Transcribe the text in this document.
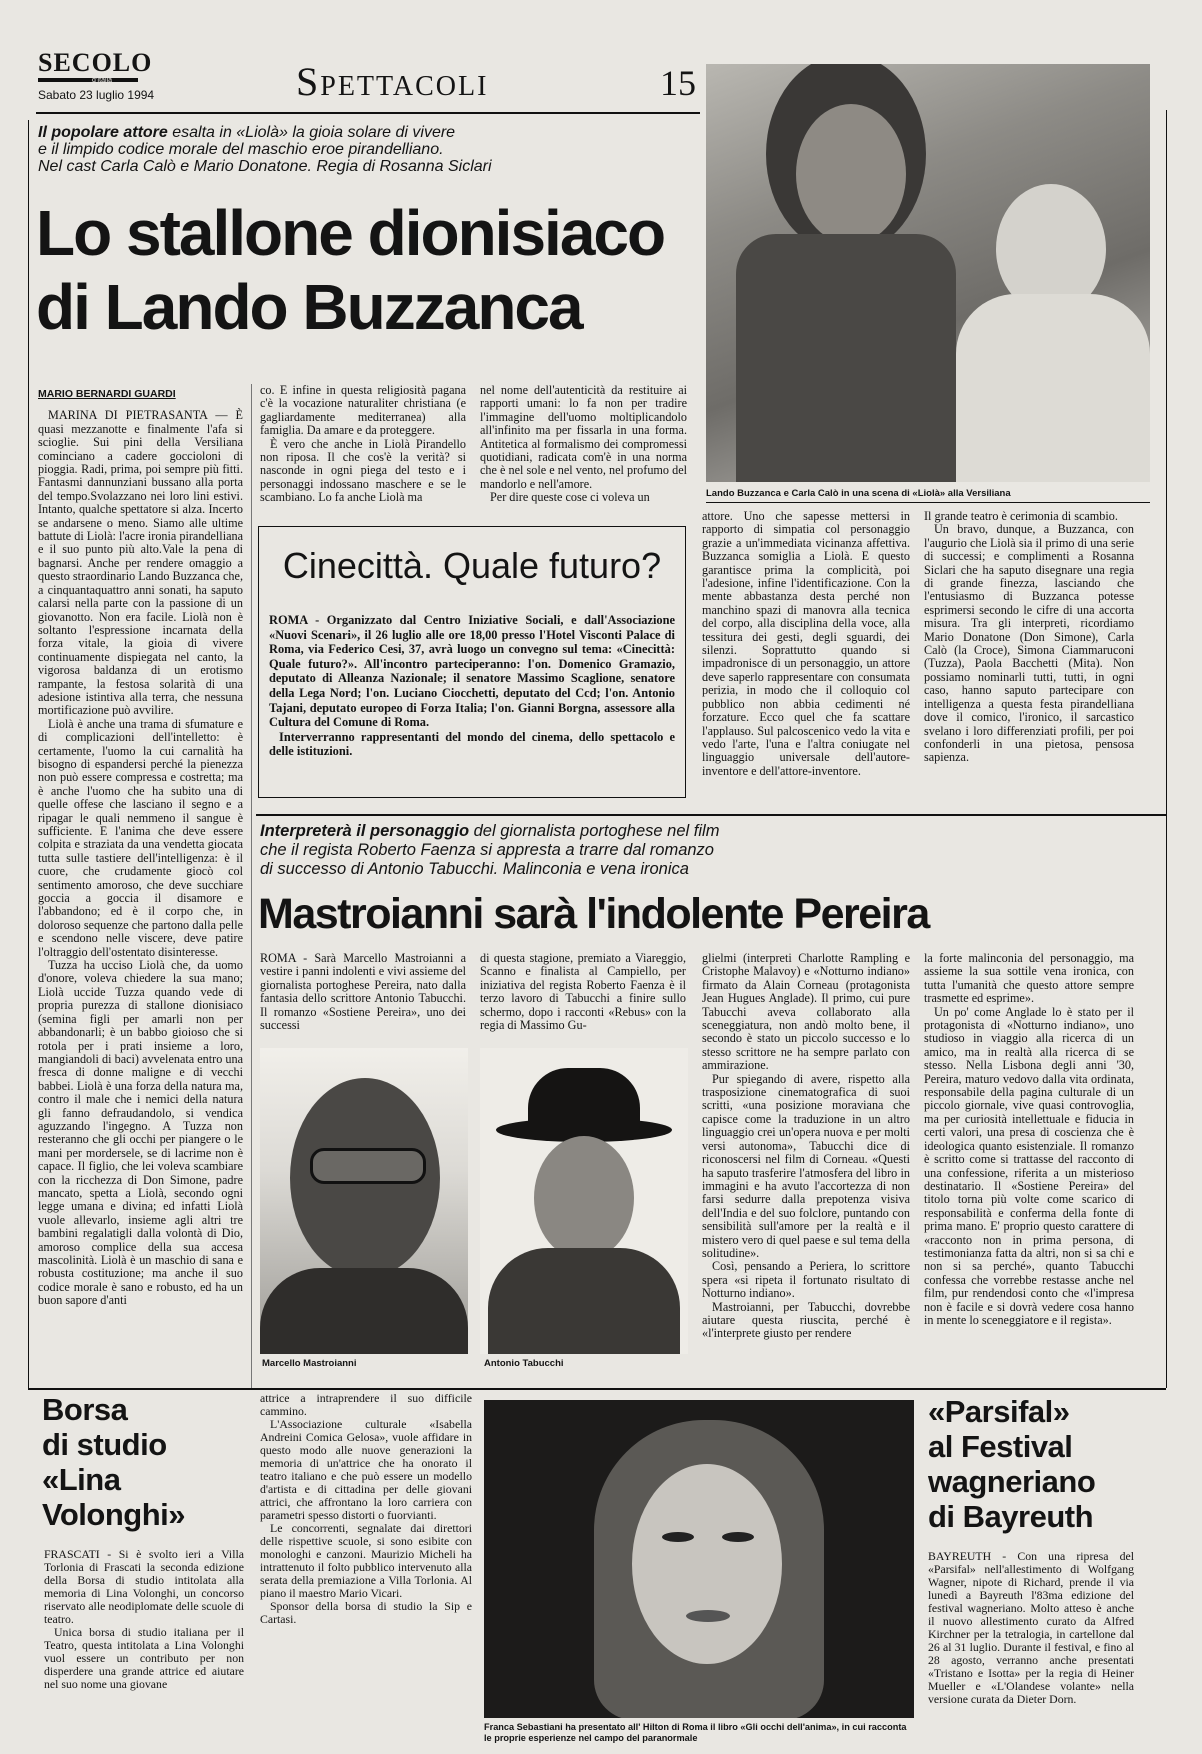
SECOLO
d'Italia
Sabato 23 luglio 1994	Spettacoli	15
Il popolare attore esalta in «Liolà» la gioia solare di vivere
e il limpido codice morale del maschio eroe pirandelliano.
Nel cast Carla Calò e Mario Donatone. Regia di Rosanna Siclari
Lo stallone dionisiaco
di Lando Buzzanca
Lando Buzzanca e Carla Calò in una scena di «Liolà» alla Versiliana

MARIO BERNARDI GUARDI

MARINA DI PIETRASANTA — È quasi mezzanotte e finalmente l'afa si scioglie. Sui pini della Versiliana cominciano a cadere goccioloni di pioggia. Radi, prima, poi sempre più fitti. Fantasmi dannunziani bussano alla porta del tempo.Svolazzano nei loro lini estivi. Intanto, qualche spettatore si alza. Incerto se andarsene o meno. Siamo alle ultime battute di Liolà: l'acre ironia pirandelliana e il suo punto più alto.Vale la pena di bagnarsi. Anche per rendere omaggio a questo straordinario Lando Buzzanca che, a cinquantaquattro anni sonati, ha saputo calarsi nella parte con la passione di un giovanotto. Non era facile. Liolà non è soltanto l'espressione incarnata della forza vitale, la gioia di vivere continuamente dispiegata nel canto, la vigorosa baldanza di un erotismo rampante, la festosa solarità di una adesione istintiva alla terra, che nessuna mortificazione può avvilire.

Liolà è anche una trama di sfumature e di complicazioni dell'intelletto: è certamente, l'uomo la cui carnalità ha bisogno di espandersi perché la pienezza non può essere compressa e costretta; ma è anche l'uomo che ha subito una di quelle offese che lasciano il segno e a ripagar le quali nemmeno il sangue è sufficiente. E l'anima che deve essere colpita e straziata da una vendetta giocata tutta sulle tastiere dell'intelligenza: è il cuore, che crudamente giocò col sentimento amoroso, che deve succhiare goccia a goccia il disamore e l'abbandono; ed è il corpo che, in doloroso sequenze che partono dalla pelle e scendono nelle viscere, deve patire l'oltraggio dell'ostentato disinteresse.

Tuzza ha ucciso Liolà che, da uomo d'onore, voleva chiedere la sua mano; Liolà uccide Tuzza quando vede di propria purezza di stallone dionisiaco (semina figli per amarli non per abbandonarli; è un babbo gioioso che si rotola per i prati insieme a loro, mangiandoli di baci) avvelenata entro una fresca di donne maligne e di vecchi babbei. Liolà è una forza della natura ma, contro il male che i nemici della natura gli fanno defraudandolo, si vendica aguzzando l'ingegno. A Tuzza non resteranno che gli occhi per piangere o le mani per mordersele, se di lacrime non è capace. Il figlio, che lei voleva scambiare con la ricchezza di Don Simone, padre mancato, spetta a Liolà, secondo ogni legge umana e divina; ed infatti Liolà vuole allevarlo, insieme agli altri tre bambini regalatigli dalla volontà di Dio, amoroso complice della sua accesa mascolinità. Liolà è un maschio di sana e robusta costituzione; ma anche il suo codice morale è sano e robusto, ed ha un buon sapore d'anti

co. E infine in questa religiosità pagana c'è la vocazione naturaliter christiana (e gagliardamente mediterranea) alla famiglia. Da amare e da proteggere.

È vero che anche in Liolà Pirandello non riposa. Il che cos'è la verità? si nasconde in ogni piega del testo e i personaggi indossano maschere e se le scambiano. Lo fa anche Liolà ma

nel nome dell'autenticità da restituire ai rapporti umani: lo fa non per tradire l'immagine dell'uomo moltiplicandolo all'infinito ma per fissarla in una forma. Antitetica al formalismo dei compromessi quotidiani, radicata com'è in una norma che è nel sole e nel vento, nel profumo del mandorlo e nell'amore.

Per dire queste cose ci voleva un

attore. Uno che sapesse mettersi in rapporto di simpatia col personaggio grazie a un'immediata vicinanza affettiva. Buzzanca somiglia a Liolà. E questo garantisce prima la complicità, poi l'adesione, infine l'identificazione. Con la mente abbastanza desta perché non manchino spazi di manovra alla tecnica del corpo, alla disciplina della voce, alla tessitura dei gesti, degli sguardi, dei silenzi. Soprattutto quando si impadronisce di un personaggio, un attore deve saperlo rappresentare con consumata perizia, in modo che il colloquio col pubblico non abbia cedimenti né forzature. Ecco quel che fa scattare l'applauso. Sul palcoscenico vedo la vita e vedo l'arte, l'una e l'altra coniugate nel linguaggio universale dell'autore-inventore e dell'attore-inventore.

Il grande teatro è cerimonia di scambio.

Un bravo, dunque, a Buzzanca, con l'augurio che Liolà sia il primo di una serie di successi; e complimenti a Rosanna Siclari che ha saputo disegnare una regia di grande finezza, lasciando che l'entusiasmo di Buzzanca potesse esprimersi secondo le cifre di una accorta misura. Tra gli interpreti, ricordiamo Mario Donatone (Don Simone), Carla Calò (la Croce), Simona Ciammaruconi (Tuzza), Paola Bacchetti (Mita). Non possiamo nominarli tutti, tutti, in ogni caso, hanno saputo partecipare con intelligenza a questa festa pirandelliana dove il comico, l'ironico, il sarcastico svelano i loro differenziati profili, per poi confonderli in una pietosa, pensosa sapienza.

Cinecittà. Quale futuro?

ROMA - Organizzato dal Centro Iniziative Sociali, e dall'Associazione «Nuovi Scenari», il 26 luglio alle ore 18,00 presso l'Hotel Visconti Palace di Roma, via Federico Cesi, 37, avrà luogo un convegno sul tema: «Cinecittà: Quale futuro?». All'incontro parteciperanno: l'on. Domenico Gramazio, deputato di Alleanza Nazionale; il senatore Massimo Scaglione, senatore della Lega Nord; l'on. Luciano Ciocchetti, deputato del Ccd; l'on. Antonio Tajani, deputato europeo di Forza Italia; l'on. Gianni Borgna, assessore alla Cultura del Comune di Roma.

Interverranno rappresentanti del mondo del cinema, dello spettacolo e delle istituzioni.

Interpreterà il personaggio del giornalista portoghese nel film
che il regista Roberto Faenza si appresta a trarre dal romanzo
di successo di Antonio Tabucchi. Malinconia e vena ironica
Mastroianni sarà l'indolente Pereira

ROMA - Sarà Marcello Mastroianni a vestire i panni indolenti e vivi assieme del giornalista portoghese Pereira, nato dalla fantasia dello scrittore Antonio Tabucchi. Il romanzo «Sostiene Pereira», uno dei successi

di questa stagione, premiato a Viareggio, Scanno e finalista al Campiello, per iniziativa del regista Roberto Faenza è il terzo lavoro di Tabucchi a finire sullo schermo, dopo i racconti «Rebus» con la regia di Massimo Gu-

glielmi (interpreti Charlotte Rampling e Cristophe Malavoy) e «Notturno indiano» firmato da Alain Corneau (protagonista Jean Hugues Anglade). Il primo, cui pure Tabucchi aveva collaborato alla sceneggiatura, non andò molto bene, il secondo è stato un piccolo successo e lo stesso scrittore ne ha sempre parlato con ammirazione.

Pur spiegando di avere, rispetto alla trasposizione cinematografica di suoi scritti, «una posizione moraviana che capisce come la traduzione in un altro linguaggio crei un'opera nuova e per molti versi autonoma», Tabucchi dice di riconoscersi nel film di Corneau. «Questi ha saputo trasferire l'atmosfera del libro in immagini e ha avuto l'accortezza di non farsi sedurre dalla prepotenza visiva dell'India e del suo folclore, puntando con sensibilità sull'amore per la realtà e il mistero vero di quel paese e sul tema della solitudine».

Così, pensando a Periera, lo scrittore spera «si ripeta il fortunato risultato di Notturno indiano».

Mastroianni, per Tabucchi, dovrebbe aiutare questa riuscita, perché è «l'interprete giusto per rendere

la forte malinconia del personaggio, ma assieme la sua sottile vena ironica, con tutta l'umanità che questo attore sempre trasmette ed esprime».

Un po' come Anglade lo è stato per il protagonista di «Notturno indiano», uno studioso in viaggio alla ricerca di un amico, ma in realtà alla ricerca di se stesso. Nella Lisbona degli anni '30, Pereira, maturo vedovo dalla vita ordinata, responsabile della pagina culturale di un piccolo giornale, vive quasi controvoglia, ma per curiosità intellettuale e fiducia in certi valori, una presa di coscienza che è ideologica quanto esistenziale. Il romanzo è scritto come si trattasse del racconto di una confessione, riferita a un misterioso destinatario. Il «Sostiene Pereira» del titolo torna più volte come scarico di responsabilità e conferma della fonte di prima mano. E' proprio questo carattere di «racconto non in prima persona, di testimonianza fatta da altri, non si sa chi e non si sa perché», quanto Tabucchi confessa che vorrebbe restasse anche nel film, pur rendendosi conto che «l'impresa non è facile e si dovrà vedere cosa hanno in mente lo sceneggiatore e il regista».

Marcello Mastroianni	Antonio Tabucchi
Borsa
di studio
«Lina
Volonghi»

FRASCATI - Si è svolto ieri a Villa Torlonia di Frascati la seconda edizione della Borsa di studio intitolata alla memoria di Lina Volonghi, un concorso riservato alle neodiplomate delle scuole di teatro.

Unica borsa di studio italiana per il Teatro, questa intitolata a Lina Volonghi vuol essere un contributo per non disperdere una grande attrice ed aiutare nel suo nome una giovane

attrice a intraprendere il suo difficile cammino.

L'Associazione culturale «Isabella Andreini Comica Gelosa», vuole affidare in questo modo alle nuove generazioni la memoria di un'attrice che ha onorato il teatro italiano e che può essere un modello d'artista e di cittadina per delle giovani attrici, che affrontano la loro carriera con parametri spesso distorti o fuorvianti.

Le concorrenti, segnalate dai direttori delle rispettive scuole, si sono esibite con monologhi e canzoni. Maurizio Micheli ha intrattenuto il folto pubblico intervenuto alla serata della premiazione a Villa Torlonia. Al piano il maestro Mario Vicari.

Sponsor della borsa di studio la Sip e Cartasi.

Franca Sebastiani ha presentato all' Hilton di Roma il libro «Gli occhi dell'anima», in cui racconta le proprie esperienze nel campo del paranormale
«Parsifal»
al Festival
wagneriano
di Bayreuth

BAYREUTH - Con una ripresa del «Parsifal» nell'allestimento di Wolfgang Wagner, nipote di Richard, prende il via lunedì a Bayreuth l'83ma edizione del festival wagneriano. Molto atteso è anche il nuovo allestimento curato da Alfred Kirchner per la tetralogia, in cartellone dal 26 al 31 luglio. Durante il festival, e fino al 28 agosto, verranno anche presentati «Tristano e Isotta» per la regia di Heiner Mueller e «L'Olandese volante» nella versione curata da Dieter Dorn.
